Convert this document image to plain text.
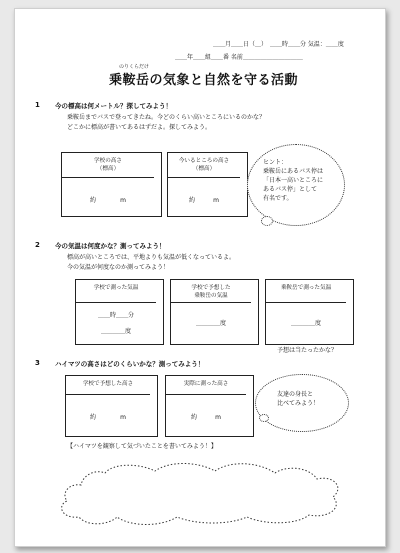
＿＿月＿＿日（＿）　＿＿時＿＿分 気温：＿＿度
＿＿年＿＿組＿＿番 名前＿＿＿＿＿＿＿＿＿＿
のりくらだけ
乗鞍岳の気象と自然を守る活動
1 今の標高は何メートル？探してみよう！
乗鞍岳までバスで登ってきたね。今どのくらい高いところにいるのかな？
どこかに標高が書いてあるはずだよ。探してみよう。
学校の高さ
（標高）
約　　　　	m
今いるところの高さ
（標高）
約　　　	m
ヒント：
乗鞍岳にあるバス停は
「日本一高いところに
あるバス停」として
有名です。
2 今の気温は何度かな？測ってみよう！
標高が高いところでは、平地よりも気温が低くなっているよ。
今の気温が何度なのか測ってみよう！
学校で測った気温
＿＿時＿＿分
＿＿＿＿度
学校で予想した
乗鞍岳の気温
＿＿＿＿度
乗鞍岳で測った気温
＿＿＿＿度
予想は当たったかな？
3 ハイマツの高さはどのくらいかな？測ってみよう！
学校で予想した高さ
約　　　　	m
実際に測った高さ
約　　　	m
友達の身長と
比べてみよう！
【ハイマツを観察して気づいたことを書いてみよう！】
